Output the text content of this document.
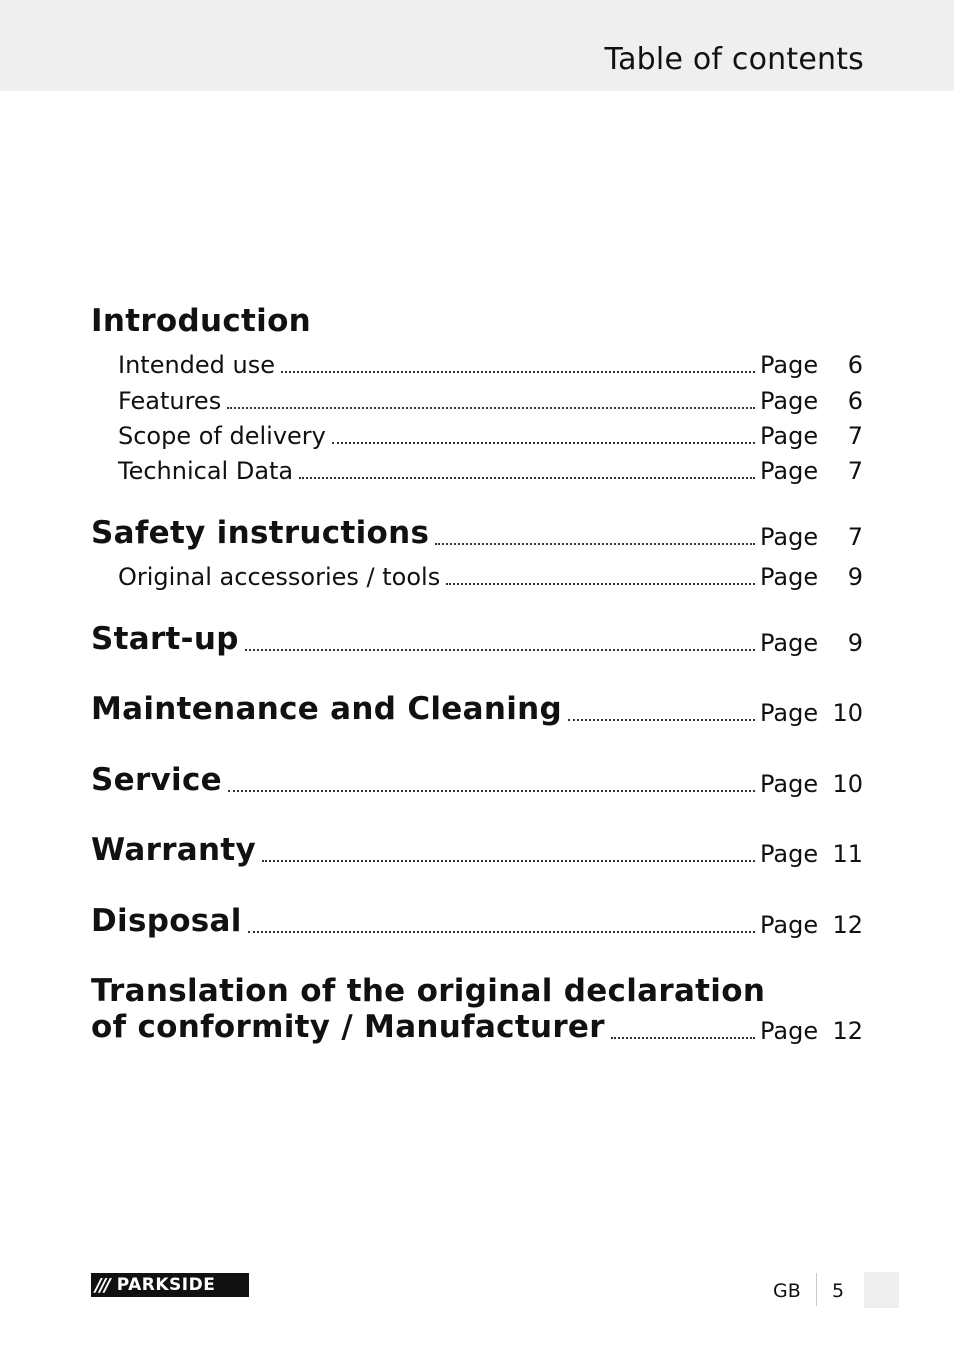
Table of contents
Introduction
Intended use	Page	6
Features	Page	6
Scope of delivery	Page	7
Technical Data	Page	7
Safety instructions	Page	7
Original accessories / tools	Page	9
Start-up	Page	9
Maintenance and Cleaning	Page 10
Service	Page 10
Warranty	Page 11
Disposal	Page 12
Translation of the original declaration
of conformity / Manufacturer	Page 12
/// PARKSIDE	GB 5
